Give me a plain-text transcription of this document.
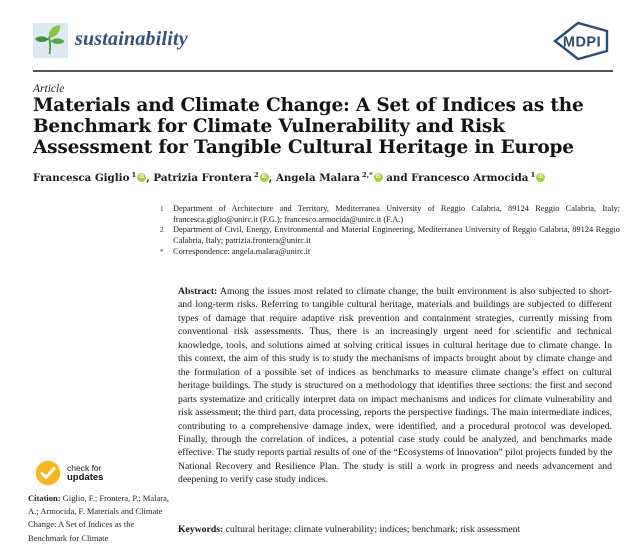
sustainability	MDPI
Article
Materials and Climate Change: A Set of Indices as the Benchmark for Climate Vulnerability and Risk Assessment for Tangible Cultural Heritage in Europe
Francesca Giglio $^1$ iD , Patrizia Frontera $^2$ iD , Angela Malara $^{2,*}$ iD and Francesco Armocida $^1$ iD
1	Department of Architecture and Territory, Mediterranea University of Reggio Calabria, 89124 Reggio Calabria, Italy; francesca.giglio@unirc.it (F.G.); francesco.armocida@unirc.it (F.A.)
2	Department of Civil, Energy, Environmental and Material Engineering, Mediterranea University of Reggio Calabria, 89124 Reggio Calabria, Italy; patrizia.frontera@unirc.it
*	Correspondence: angela.malara@unirc.it
Abstract: Among the issues most related to climate change, the built environment is also subjected to short- and long-term risks. Referring to tangible cultural heritage, materials and buildings are subjected to different types of damage that require adaptive risk prevention and containment strategies, currently missing from conventional risk assessments. Thus, there is an increasingly urgent need for scientific and technical knowledge, tools, and solutions aimed at solving critical issues in cultural heritage due to climate change. In this context, the aim of this study is to study the mechanisms of impacts brought about by climate change and the formulation of a possible set of indices as benchmarks to measure climate change’s effect on cultural heritage buildings. The study is structured on a methodology that identifies three sections: the first and second parts systematize and critically interpret data on impact mechanisms and indices for climate vulnerability and risk assessment; the third part, data processing, reports the perspective findings. The main intermediate indices, contributing to a comprehensive damage index, were identified, and a procedural protocol was developed. Finally, through the correlation of indices, a potential case study could be analyzed, and benchmarks made effective. The study reports partial results of one of the “Ecosystems of Innovation” pilot projects funded by the National Recovery and Resilience Plan. The study is still a work in progress and needs advancement and deepening to verify case study indices.
Keywords: cultural heritage; climate vulnerability; indices; benchmark; risk assessment
check for
updates
Citation: Giglio, F.; Frontera, P.; Malara, A.; Armocida, F. Materials and Climate Change: A Set of Indices as the Benchmark for Climate
